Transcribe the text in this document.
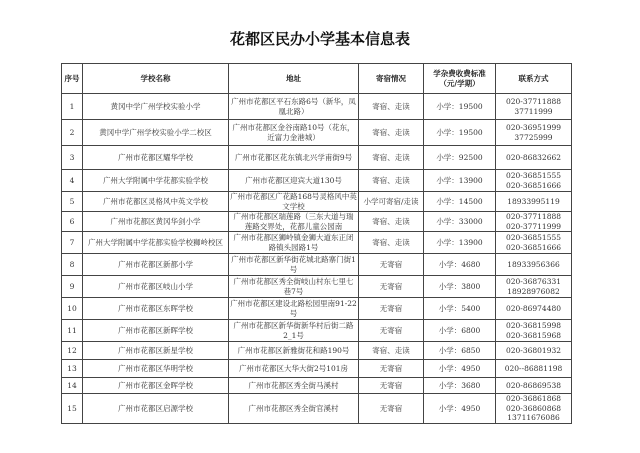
花都区民办小学基本信息表
序号	学校名称	地址	寄宿情况	学杂费收费标准（元/学期）	联系方式
1	黄冈中学广州学校实验小学	广州市花都区平石东路6号（新华，凤凰北路）	寄宿、走读	小学：19500	020-37711888 37711999
2	黄冈中学广州学校实验小学二校区	广州市花都区金谷南路10号（花东，近富力金港城）	寄宿、走读	小学：19500	020-36951999 37725999
3	广州市花都区耀华学校	广州市花都区花东镇北兴学甫街9号	寄宿、走读	小学：92500	020-86832662
4	广州大学附属中学花都实验学校	广州市花都区迎宾大道130号	寄宿、走读	小学：13900	020-36851555 020-36851666
5	广州市花都区灵格风中英文学校	广州市花都区广花路168号灵格风中英文学校	小学可寄宿/走读	小学：14500	18933995119
6	广州市花都区黄冈华剑小学	广州市花都区瑞莲路（三东大道与瑞莲路交界处，花都儿童公园南	寄宿、走读	小学：33000	020-37711888 020-37711999
7	广州大学附属中学花都实验学校狮岭校区	广州市花都区狮岭镇金狮大道东正闭路镇头园路1号	寄宿、走读	小学：13900	020-36851555 020-36851666
8	广州市花都区新都小学	广州市花都区新华街花城北路寨门街1号	无寄宿	小学：4680	18933956366
9	广州市花都区岐山小学	广州市花都区秀全街岐山村东七里七巷7号	无寄宿	小学：3800	020-36876331 18928976082
10	广州市花都区东晖学校	广州市花都区建设北路松园里南91-22号	无寄宿	小学：5400	020-86974480
11	广州市花都区新晖学校	广州市花都区新华街新华村后街二路2_1号	无寄宿	小学：6800	020-36815998 020-36815968
12	广州市花都区新星学校	广州市花都区新雅街花和路190号	寄宿、走读	小学：6850	020-36801932
13	广州市花都区华明学校	广州市花都区大华大街2号101房	无寄宿	小学：4950	020--86881198
14	广州市花都区金晖学校	广州市花都区秀全街马溪村	无寄宿	小学：3680	020-86869538
15	广州市花都区启源学校	广州市花都区秀全街官溪村	无寄宿	小学：4950	020-36861868 020-36860868 13711676086
